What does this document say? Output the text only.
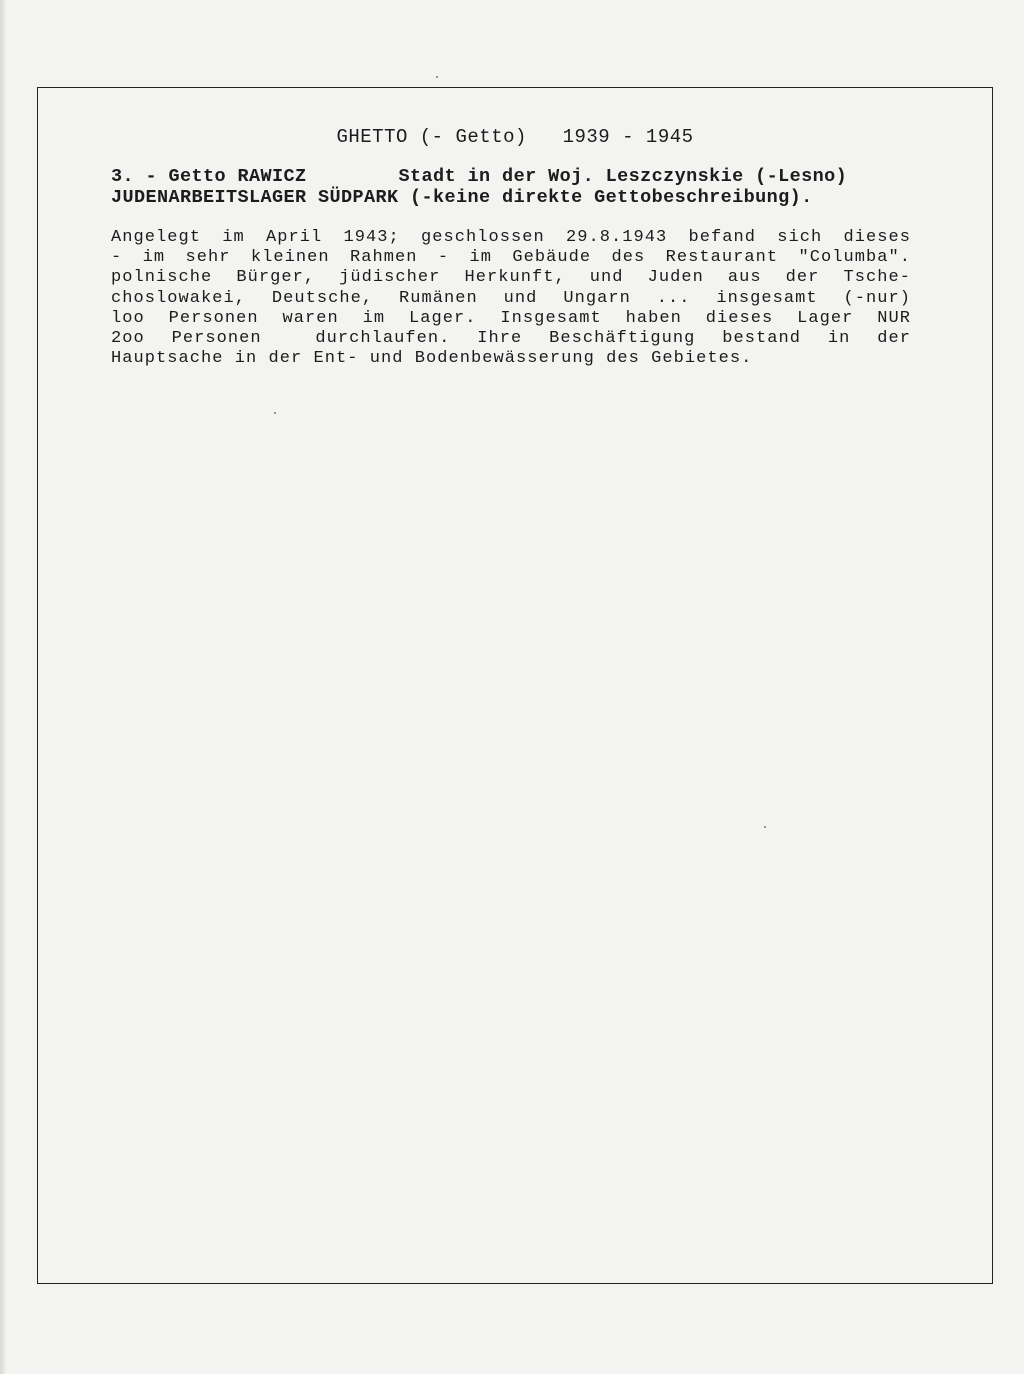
GHETTO (- Getto)   1939 - 1945
3. - Getto RAWICZ        Stadt in der Woj. Leszczynskie (-Lesno)
JUDENARBEITSLAGER SÜDPARK (-keine direkte Gettobeschreibung).
Angelegt im April 1943; geschlossen 29.8.1943 befand sich dieses
- im sehr kleinen Rahmen - im Gebäude des Restaurant "Columba".
polnische Bürger, jüdischer Herkunft, und Juden aus der Tsche-
choslowakei, Deutsche, Rumänen und Ungarn ... insgesamt (-nur)
loo Personen waren im Lager. Insgesamt haben dieses Lager NUR
2oo Personen  durchlaufen. Ihre Beschäftigung bestand in der
Hauptsache in der Ent- und Bodenbewässerung des Gebietes.
